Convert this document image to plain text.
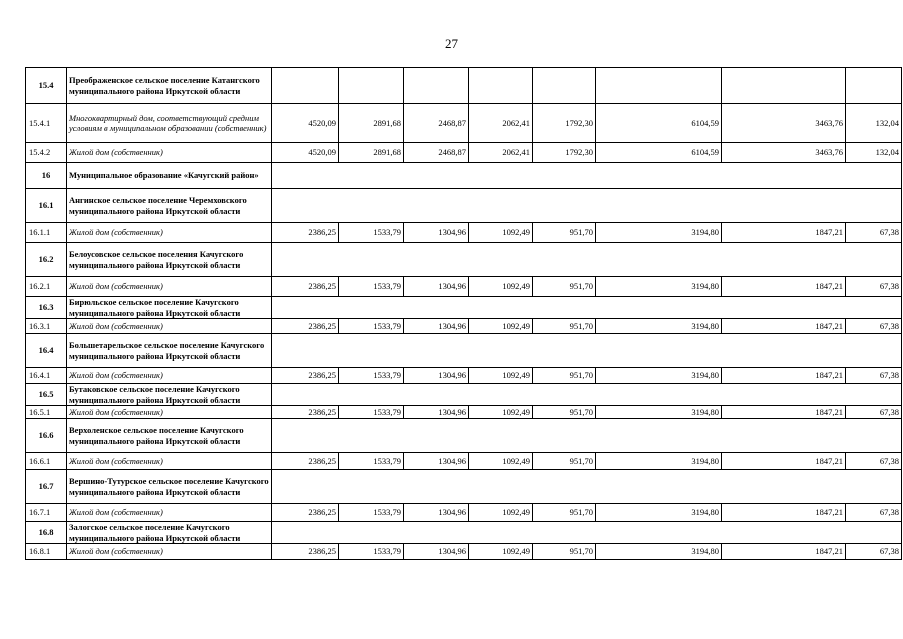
27
15.4	Преображенское сельское поселение Катангского муниципального района Иркутской области								
15.4.1	Многоквартирный дом, соответствующий средним условиям в муниципальном образовании (собственник)	4520,09	2891,68	2468,87	2062,41	1792,30	6104,59	3463,76	132,04
15.4.2	Жилой дом (собственник)	4520,09	2891,68	2468,87	2062,41	1792,30	6104,59	3463,76	132,04
16	Муниципальное образование «Качугский район»								
16.1	Ангинское сельское поселение Черемховского муниципального района Иркутской области								
16.1.1	Жилой дом (собственник)	2386,25	1533,79	1304,96	1092,49	951,70	3194,80	1847,21	67,38
16.2	Белоусовское сельское поселения Качугского муниципального района Иркутской области								
16.2.1	Жилой дом (собственник)	2386,25	1533,79	1304,96	1092,49	951,70	3194,80	1847,21	67,38
16.3	Бирюльское сельское поселение Качугского муниципального района Иркутской области								
16.3.1	Жилой дом (собственник)	2386,25	1533,79	1304,96	1092,49	951,70	3194,80	1847,21	67,38
16.4	Большетарельское сельское поселение Качугского муниципального района Иркутской области								
16.4.1	Жилой дом (собственник)	2386,25	1533,79	1304,96	1092,49	951,70	3194,80	1847,21	67,38
16.5	Бутаковское сельское поселение Качугского муниципального района Иркутской области								
16.5.1	Жилой дом (собственник)	2386,25	1533,79	1304,96	1092,49	951,70	3194,80	1847,21	67,38
16.6	Верхоленское сельское поселение Качугского муниципального района Иркутской области								
16.6.1	Жилой дом (собственник)	2386,25	1533,79	1304,96	1092,49	951,70	3194,80	1847,21	67,38
16.7	Вершино-Тутурское сельское поселение Качугского муниципального района Иркутской области								
16.7.1	Жилой дом (собственник)	2386,25	1533,79	1304,96	1092,49	951,70	3194,80	1847,21	67,38
16.8	Залогское сельское поселение Качугского муниципального района Иркутской области								
16.8.1	Жилой дом (собственник)	2386,25	1533,79	1304,96	1092,49	951,70	3194,80	1847,21	67,38
